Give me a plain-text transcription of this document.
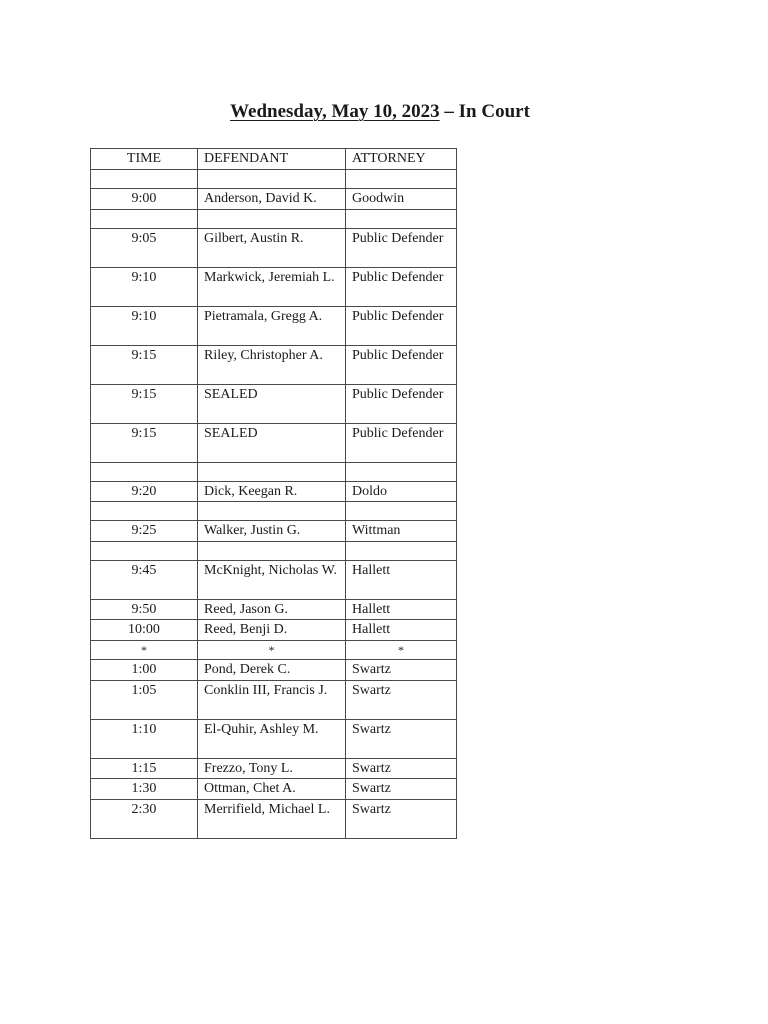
Wednesday, May 10, 2023 – In Court
TIME	DEFENDANT	ATTORNEY

9:00	Anderson, David K.	Goodwin

9:05	Gilbert, Austin R.	Public Defender
9:10	Markwick, Jeremiah L.	Public Defender
9:10	Pietramala, Gregg A.	Public Defender
9:15	Riley, Christopher A.	Public Defender
9:15	SEALED	Public Defender
9:15	SEALED	Public Defender

9:20	Dick, Keegan R.	Doldo

9:25	Walker, Justin G.	Wittman

9:45	McKnight, Nicholas W.	Hallett
9:50	Reed, Jason G.	Hallett
10:00	Reed, Benji D.	Hallett
*	*	*
1:00	Pond, Derek C.	Swartz
1:05	Conklin III, Francis J.	Swartz
1:10	El-Quhir, Ashley M.	Swartz
1:15	Frezzo, Tony L.	Swartz
1:30	Ottman, Chet A.	Swartz
2:30	Merrifield, Michael L.	Swartz
